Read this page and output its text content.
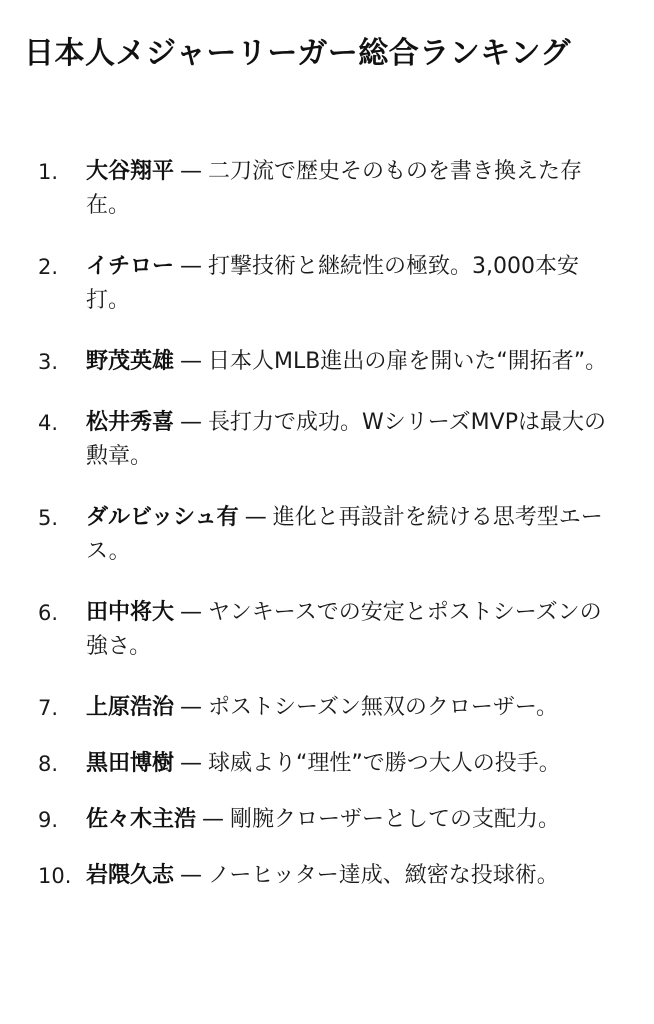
日本人メジャーリーガー総合ランキング
1. 大谷翔平 — 二刀流で歴史そのものを書き換えた存在。
2. イチロー — 打撃技術と継続性の極致。3,000本安打。
3. 野茂英雄 — 日本人MLB進出の扉を開いた“開拓者”。
4. 松井秀喜 — 長打力で成功。WシリーズMVPは最大の勲章。
5. ダルビッシュ有 — 進化と再設計を続ける思考型エース。
6. 田中将大 — ヤンキースでの安定とポストシーズンの強さ。
7. 上原浩治 — ポストシーズン無双のクローザー。
8. 黒田博樹 — 球威より“理性”で勝つ大人の投手。
9. 佐々木主浩 — 剛腕クローザーとしての支配力。
10. 岩隈久志 — ノーヒッター達成、緻密な投球術。
